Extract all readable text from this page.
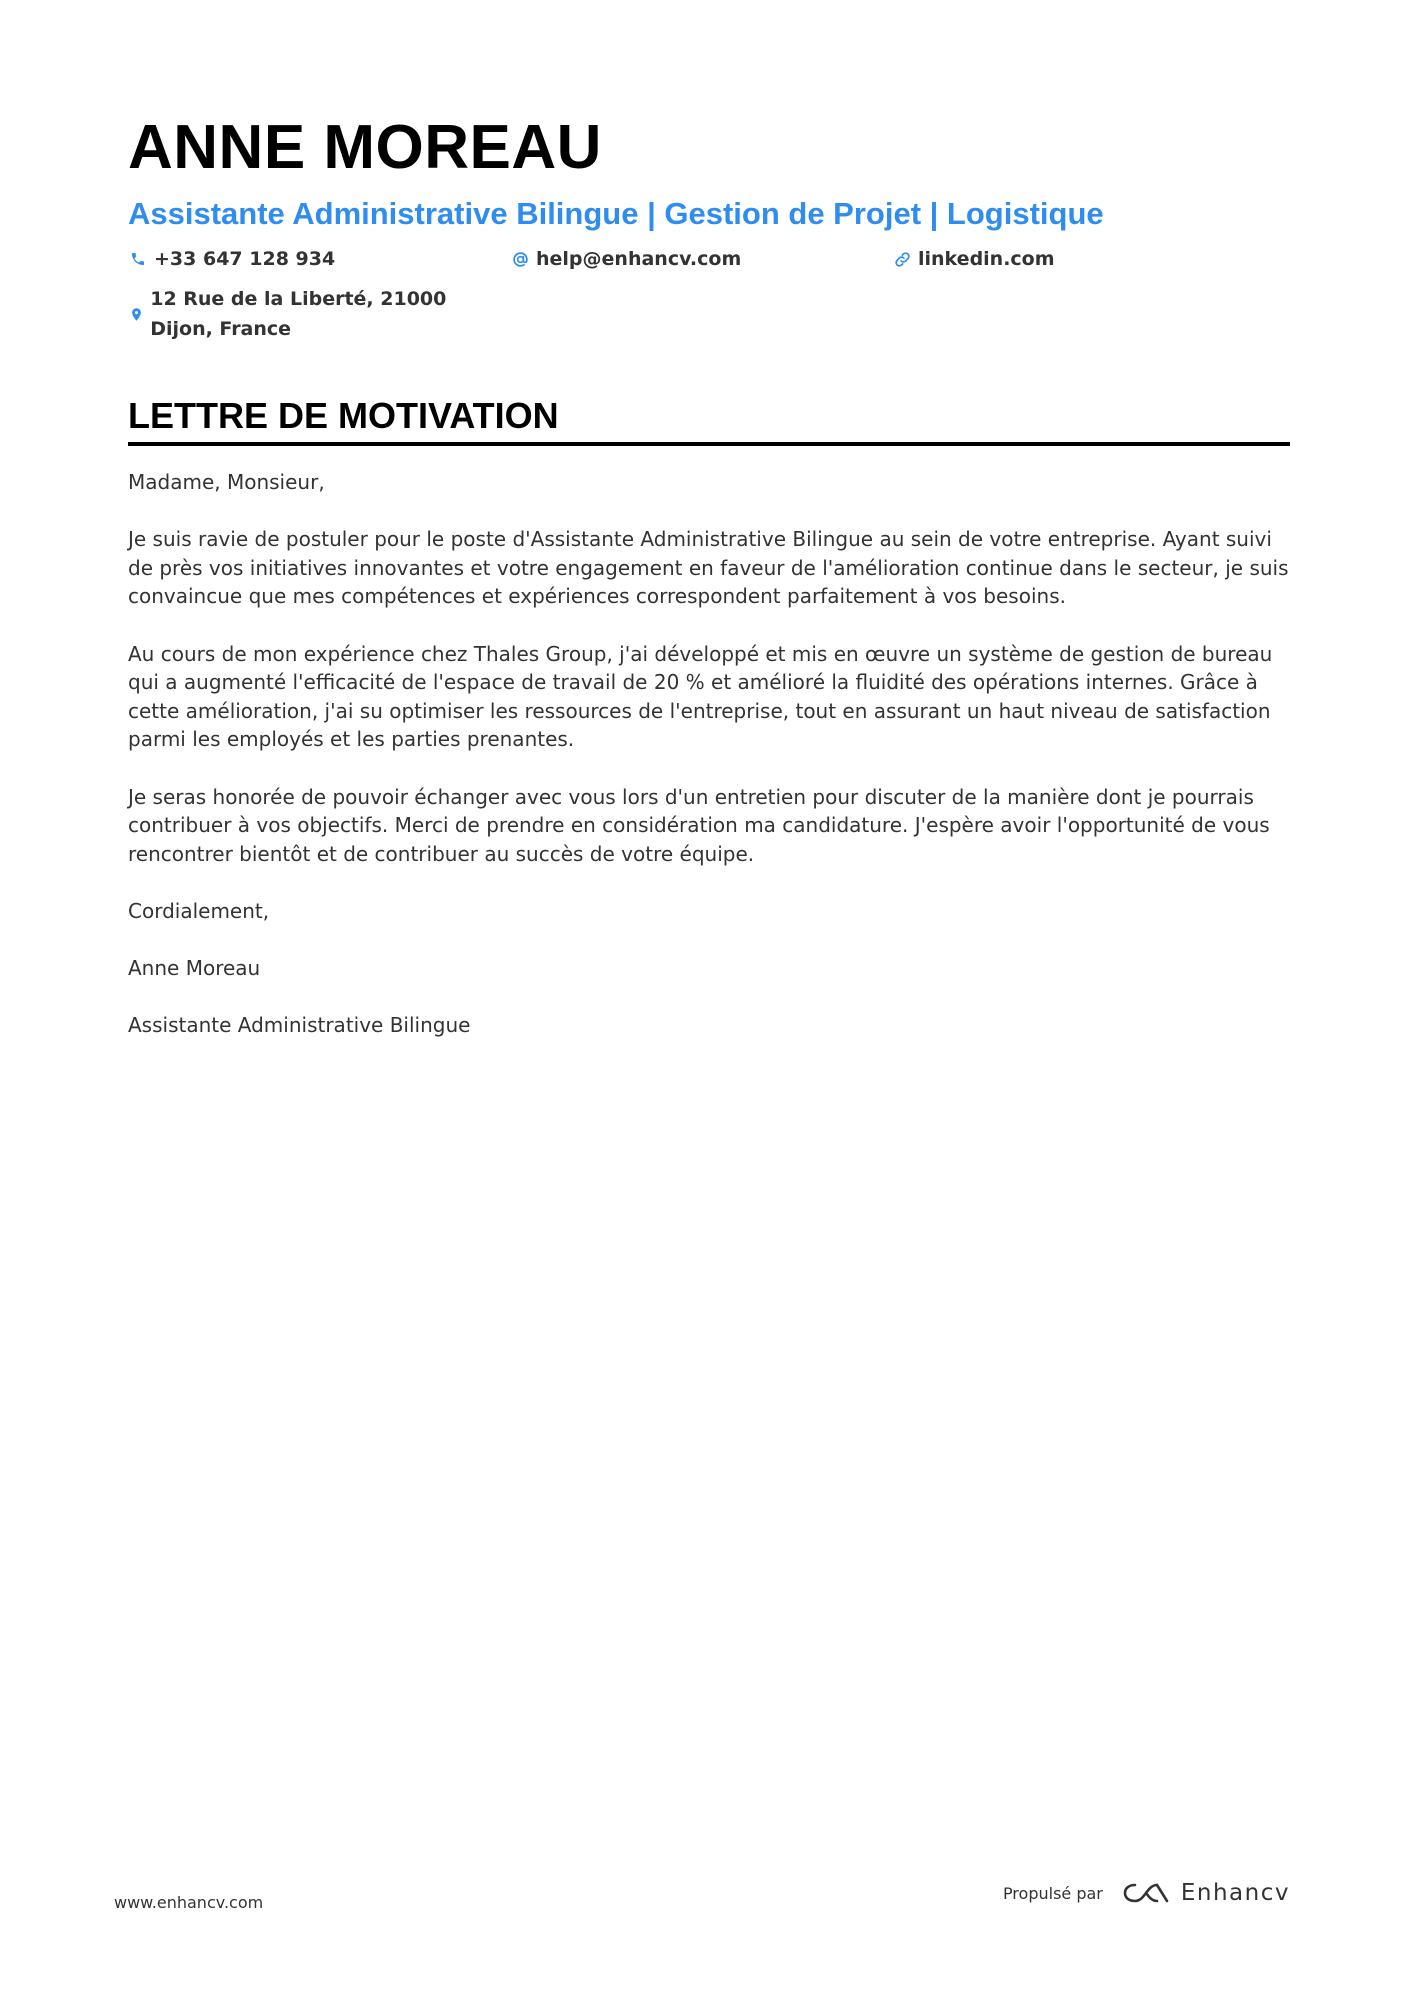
ANNE MOREAU
Assistante Administrative Bilingue | Gestion de Projet | Logistique
+33 647 128 934	help@enhancv.com	linkedin.com
12 Rue de la Liberté, 21000 Dijon, France
LETTRE DE MOTIVATION

Madame, Monsieur,

Je suis ravie de postuler pour le poste d'Assistante Administrative Bilingue au sein de votre entreprise. Ayant suivi de près vos initiatives innovantes et votre engagement en faveur de l'amélioration continue dans le secteur, je suis convaincue que mes compétences et expériences correspondent parfaitement à vos besoins.

Au cours de mon expérience chez Thales Group, j'ai développé et mis en œuvre un système de gestion de bureau qui a augmenté l'efficacité de l'espace de travail de 20 % et amélioré la fluidité des opérations internes. Grâce à cette amélioration, j'ai su optimiser les ressources de l'entreprise, tout en assurant un haut niveau de satisfaction parmi les employés et les parties prenantes.

Je seras honorée de pouvoir échanger avec vous lors d'un entretien pour discuter de la manière dont je pourrais contribuer à vos objectifs. Merci de prendre en considération ma candidature. J'espère avoir l'opportunité de vous rencontrer bientôt et de contribuer au succès de votre équipe.

Cordialement,

Anne Moreau

Assistante Administrative Bilingue

www.enhancv.com	Propulsé par	Enhancv
